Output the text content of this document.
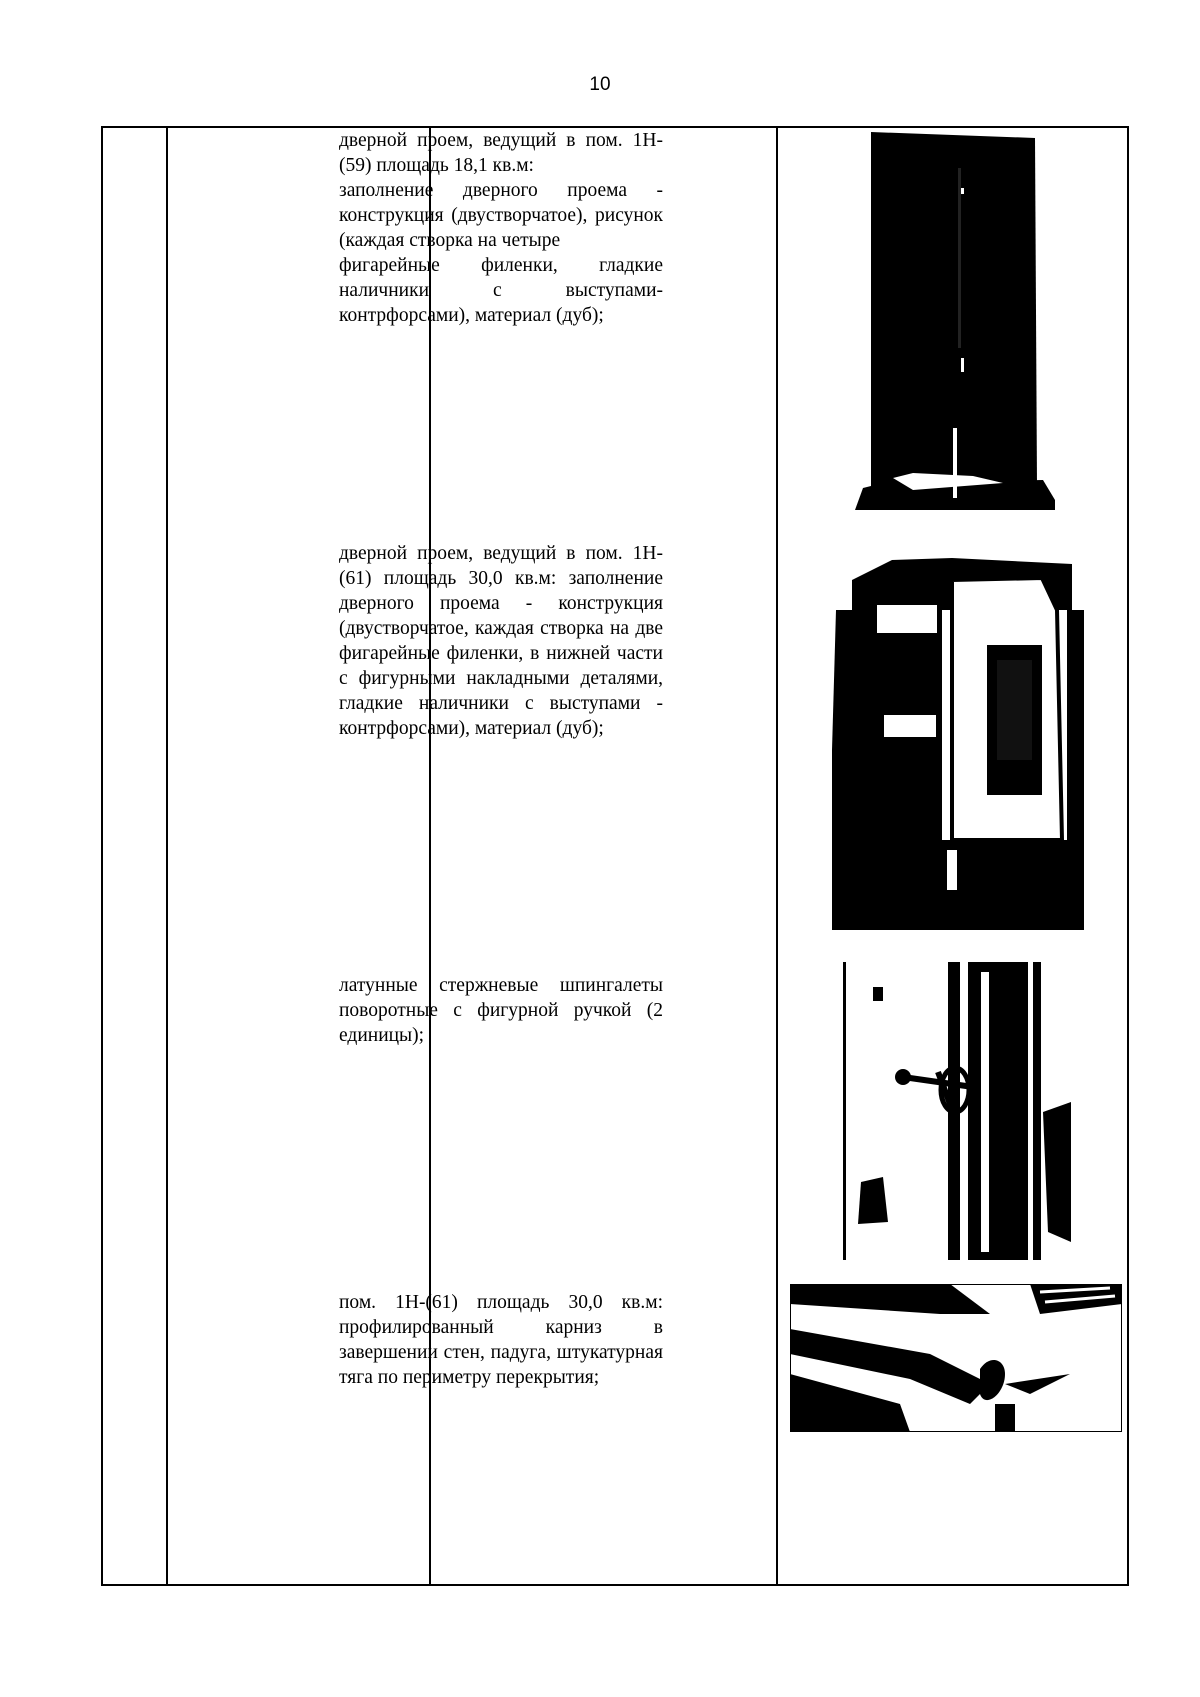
10

дверной проем, ведущий в пом. 1Н-(59) площадь 18,1 кв.м:

заполнение дверного проема - конструкция (двустворчатое), рисунок (каждая створка на четыре

фигарейные филенки, гладкие наличники с выступами-контрфорсами), материал (дуб);

дверной проем, ведущий в пом. 1Н-(61) площадь 30,0 кв.м: заполнение дверного проема - конструкция (двустворчатое, каждая створка на две фигарейные филенки, в нижней части с фигурными накладными деталями, гладкие наличники с выступами - контрфорсами), материал (дуб);

латунные стержневые шпингалеты поворотные с фигурной ручкой (2 единицы);

пом. 1Н-(61) площадь 30,0 кв.м: профилированный карниз в завершении стен, падуга, штукатурная тяга по периметру перекрытия;
